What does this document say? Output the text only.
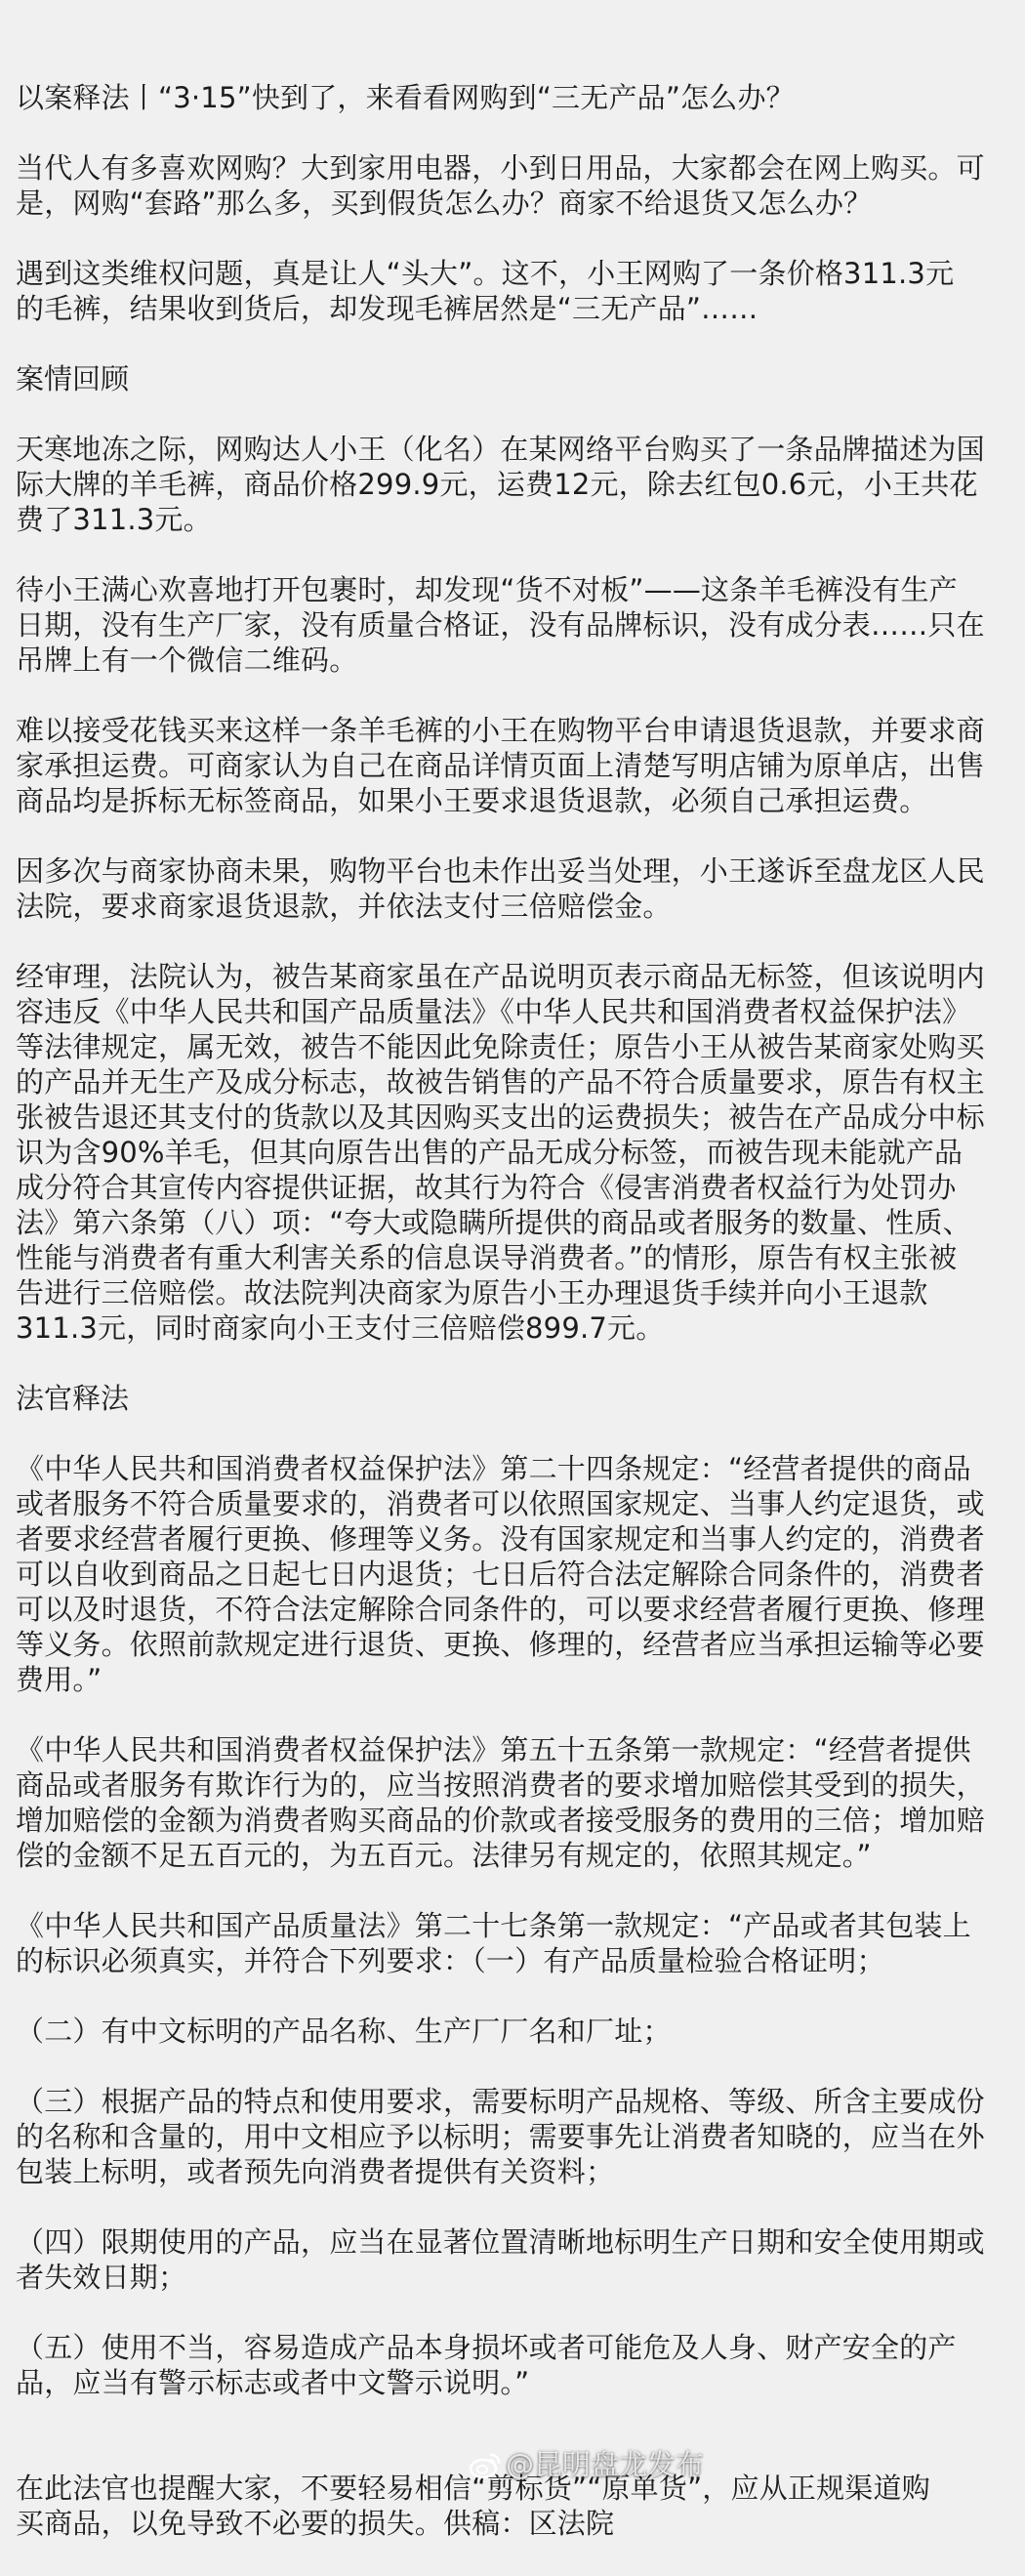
以案释法丨“3·15”快到了，来看看网购到“三无产品”怎么办？

当代人有多喜欢网购？大到家用电器，小到日用品，大家都会在网上购买。可
是，网购“套路”那么多，买到假货怎么办？商家不给退货又怎么办？

遇到这类维权问题，真是让人“头大”。这不，小王网购了一条价格311.3元
的毛裤，结果收到货后，却发现毛裤居然是“三无产品”……

案情回顾

天寒地冻之际，网购达人小王（化名）在某网络平台购买了一条品牌描述为国
际大牌的羊毛裤，商品价格299.9元，运费12元，除去红包0.6元，小王共花
费了311.3元。

待小王满心欢喜地打开包裹时，却发现“货不对板”——这条羊毛裤没有生产
日期，没有生产厂家，没有质量合格证，没有品牌标识，没有成分表……只在
吊牌上有一个微信二维码。

难以接受花钱买来这样一条羊毛裤的小王在购物平台申请退货退款，并要求商
家承担运费。可商家认为自己在商品详情页面上清楚写明店铺为原单店，出售
商品均是拆标无标签商品，如果小王要求退货退款，必须自己承担运费。

因多次与商家协商未果，购物平台也未作出妥当处理，小王遂诉至盘龙区人民
法院，要求商家退货退款，并依法支付三倍赔偿金。

经审理，法院认为，被告某商家虽在产品说明页表示商品无标签，但该说明内
容违反《中华人民共和国产品质量法》《中华人民共和国消费者权益保护法》
等法律规定，属无效，被告不能因此免除责任；原告小王从被告某商家处购买
的产品并无生产及成分标志，故被告销售的产品不符合质量要求，原告有权主
张被告退还其支付的货款以及其因购买支出的运费损失；被告在产品成分中标
识为含90%羊毛，但其向原告出售的产品无成分标签，而被告现未能就产品
成分符合其宣传内容提供证据，故其行为符合《侵害消费者权益行为处罚办
法》第六条第（八）项：“夸大或隐瞒所提供的商品或者服务的数量、性质、
性能与消费者有重大利害关系的信息误导消费者。”的情形，原告有权主张被
告进行三倍赔偿。故法院判决商家为原告小王办理退货手续并向小王退款
311.3元，同时商家向小王支付三倍赔偿899.7元。

法官释法

《中华人民共和国消费者权益保护法》第二十四条规定：“经营者提供的商品
或者服务不符合质量要求的，消费者可以依照国家规定、当事人约定退货，或
者要求经营者履行更换、修理等义务。没有国家规定和当事人约定的，消费者
可以自收到商品之日起七日内退货；七日后符合法定解除合同条件的，消费者
可以及时退货，不符合法定解除合同条件的，可以要求经营者履行更换、修理
等义务。依照前款规定进行退货、更换、修理的，经营者应当承担运输等必要
费用。”

《中华人民共和国消费者权益保护法》第五十五条第一款规定：“经营者提供
商品或者服务有欺诈行为的，应当按照消费者的要求增加赔偿其受到的损失，
增加赔偿的金额为消费者购买商品的价款或者接受服务的费用的三倍；增加赔
偿的金额不足五百元的，为五百元。法律另有规定的，依照其规定。”

《中华人民共和国产品质量法》第二十七条第一款规定：“产品或者其包装上
的标识必须真实，并符合下列要求：（一）有产品质量检验合格证明；

（二）有中文标明的产品名称、生产厂厂名和厂址；

（三）根据产品的特点和使用要求，需要标明产品规格、等级、所含主要成份
的名称和含量的，用中文相应予以标明；需要事先让消费者知晓的，应当在外
包装上标明，或者预先向消费者提供有关资料；

（四）限期使用的产品，应当在显著位置清晰地标明生产日期和安全使用期或
者失效日期；

（五）使用不当，容易造成产品本身损坏或者可能危及人身、财产安全的产
品，应当有警示标志或者中文警示说明。”

在此法官也提醒大家，不要轻易相信“剪标货”“原单货”，应从正规渠道购
买商品，以免导致不必要的损失。供稿：区法院

@昆明盘龙发布
